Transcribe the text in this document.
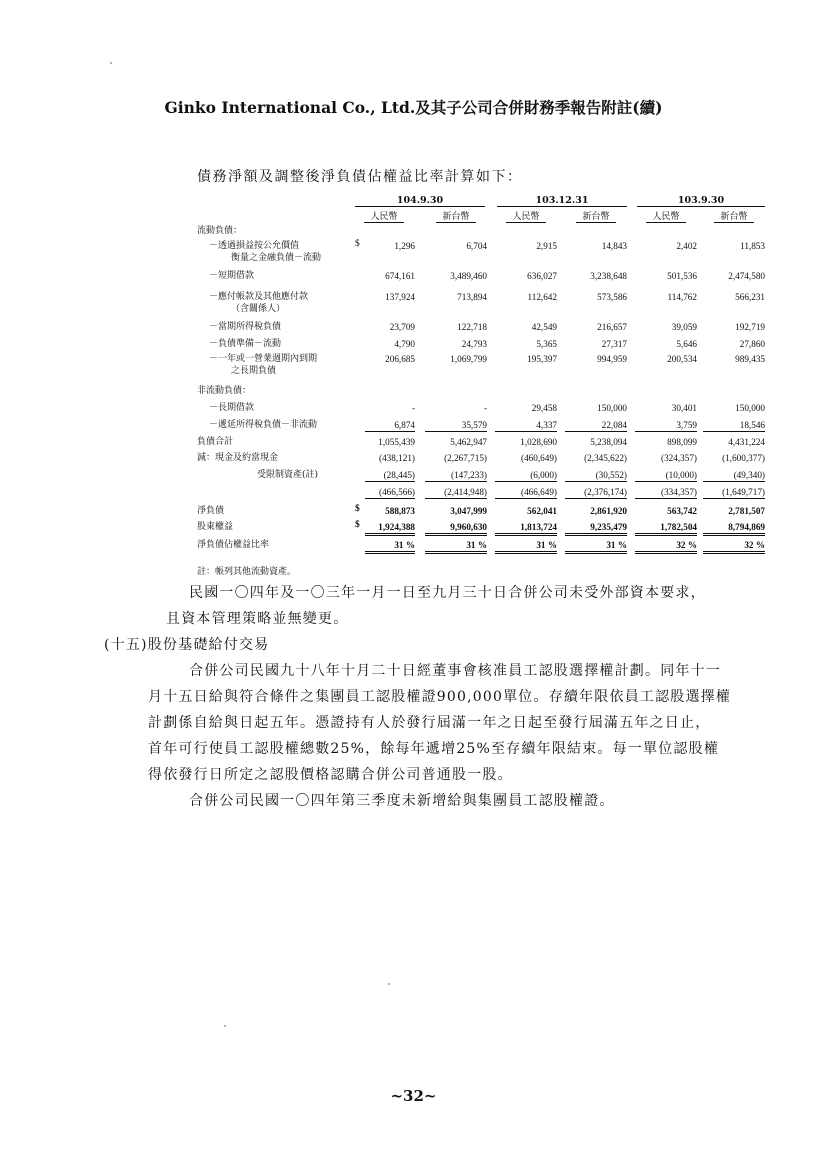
Ginko International Co., Ltd.及其子公司合併財務季報告附註(續)
債務淨額及調整後淨負債佔權益比率計算如下：
104.9.30	103.12.31	103.9.30
人民幣	新台幣	人民幣	新台幣	人民幣	新台幣
流動負債：
－透過損益按公允價值
衡量之金融負債－流動
$	1,296	6,704	2,915	14,843	2,402	11,853
－短期借款	674,161	3,489,460	636,027	3,238,648	501,536	2,474,580
－應付帳款及其他應付款
（含關係人）
137,924	713,894	112,642	573,586	114,762	566,231
－當期所得稅負債	23,709	122,718	42,549	216,657	39,059	192,719
－負債準備－流動	4,790	24,793	5,365	27,317	5,646	27,860
－一年或一營業週期內到期
之長期負債
206,685	1,069,799	195,397	994,959	200,534	989,435
非流動負債：
－長期借款	-	-	29,458	150,000	30,401	150,000
－遞延所得稅負債－非流動	6,874	35,579	4,337	22,084	3,759	18,546
負債合計	1,055,439	5,462,947	1,028,690	5,238,094	898,099	4,431,224
減：現金及約當現金	(438,121)	(2,267,715)	(460,649)	(2,345,622)	(324,357)	(1,600,377)
受限制資產(註)	(28,445)	(147,233)	(6,000)	(30,552)	(10,000)	(49,340)
(466,566)	(2,414,948)	(466,649)	(2,376,174)	(334,357)	(1,649,717)
淨負債	$	588,873	3,047,999	562,041	2,861,920	563,742	2,781,507
股東權益	$	1,924,388	9,960,630	1,813,724	9,235,479	1,782,504	8,794,869
淨負債佔權益比率	31 %	31 %	31 %	31 %	32 %	32 %
註：帳列其他流動資產。
民國一〇四年及一〇三年一月一日至九月三十日合併公司未受外部資本要求，
且資本管理策略並無變更。
(十五)股份基礎給付交易
合併公司民國九十八年十月二十日經董事會核准員工認股選擇權計劃。同年十一
月十五日給與符合條件之集團員工認股權證900,000單位。存續年限依員工認股選擇權
計劃係自給與日起五年。憑證持有人於發行屆滿一年之日起至發行屆滿五年之日止，
首年可行使員工認股權總數25%，餘每年遞增25%至存續年限結束。每一單位認股權
得依發行日所定之認股價格認購合併公司普通股一股。
合併公司民國一〇四年第三季度未新增給與集團員工認股權證。
~32~
